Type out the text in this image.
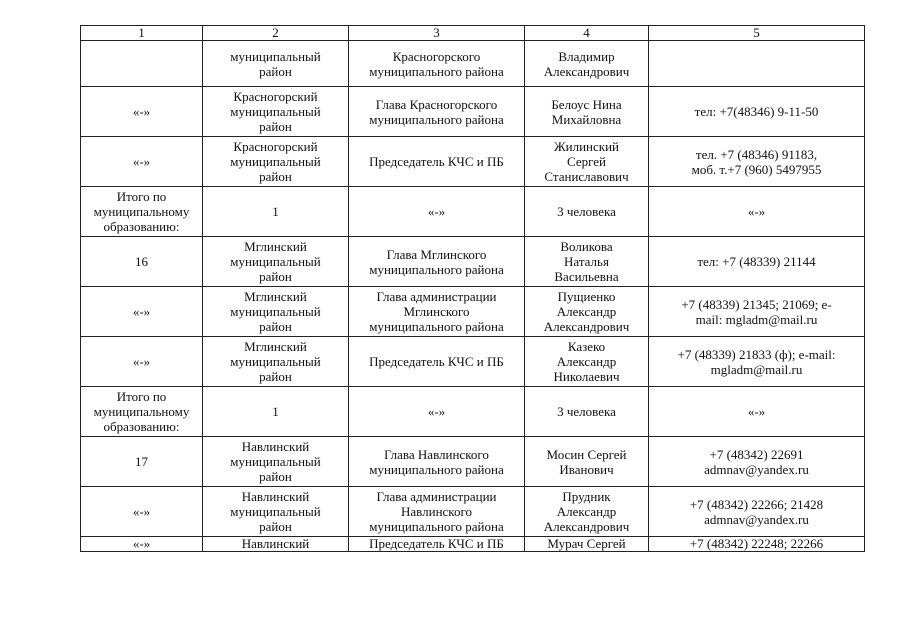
1	2	3	4	5

	муниципальный
район	Красногорского
муниципального района	Владимир
Александрович	

«-»	Красногорский
муниципальный
район	Глава Красногорского
муниципального района	Белоус Нина
Михайловна	тел: +7(48346) 9-11-50

«-»	Красногорский
муниципальный
район	Председатель КЧС и ПБ	Жилинский
Сергей
Станиславович	тел. +7 (48346) 91183,
моб. т.+7 (960) 5497955

Итого по
муниципальному
образованию:	1	«-»	3 человека	«-»

16	Мглинский
муниципальный
район	Глава Мглинского
муниципального района	Воликова
Наталья
Васильевна	тел: +7 (48339) 21144

«-»	Мглинский
муниципальный
район	Глава администрации
Мглинского
муниципального района	Пущиенко
Александр
Александрович	+7 (48339) 21345; 21069; e-
mail: mgladm@mail.ru

«-»	Мглинский
муниципальный
район	Председатель КЧС и ПБ	Казеко
Александр
Николаевич	+7 (48339) 21833 (ф); e-mail:
mgladm@mail.ru

Итого по
муниципальному
образованию:	1	«-»	3 человека	«-»

17	Навлинский
муниципальный
район	Глава Навлинского
муниципального района	Мосин Сергей
Иванович	+7 (48342) 22691
admnav@yandex.ru

«-»	Навлинский
муниципальный
район	Глава администрации
Навлинского
муниципального района	Прудник
Александр
Александрович	+7 (48342) 22266; 21428
admnav@yandex.ru

«-»	Навлинский	Председатель КЧС и ПБ	Мурач Сергей	+7 (48342) 22248; 22266
